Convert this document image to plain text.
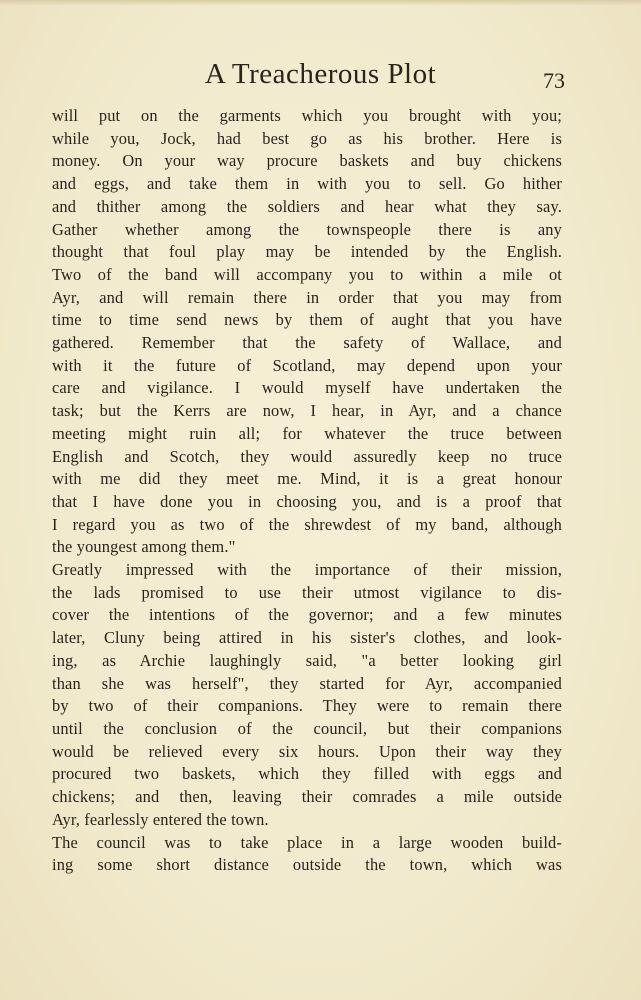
A Treacherous Plot	73
will put on the garments which you brought with you;
while you, Jock, had best go as his brother. Here is
money. On your way procure baskets and buy chickens
and eggs, and take them in with you to sell. Go hither
and thither among the soldiers and hear what they say.
Gather whether among the townspeople there is any
thought that foul play may be intended by the English.
Two of the band will accompany you to within a mile ot
Ayr, and will remain there in order that you may from
time to time send news by them of aught that you have
gathered. Remember that the safety of Wallace, and
with it the future of Scotland, may depend upon your
care and vigilance. I would myself have undertaken the
task; but the Kerrs are now, I hear, in Ayr, and a chance
meeting might ruin all; for whatever the truce between
English and Scotch, they would assuredly keep no truce
with me did they meet me. Mind, it is a great honour
that I have done you in choosing you, and is a proof that
I regard you as two of the shrewdest of my band, although
the youngest among them."
Greatly impressed with the importance of their mission,
the lads promised to use their utmost vigilance to dis-
cover the intentions of the governor; and a few minutes
later, Cluny being attired in his sister's clothes, and look-
ing, as Archie laughingly said, "a better looking girl
than she was herself", they started for Ayr, accompanied
by two of their companions. They were to remain there
until the conclusion of the council, but their companions
would be relieved every six hours. Upon their way they
procured two baskets, which they filled with eggs and
chickens; and then, leaving their comrades a mile outside
Ayr, fearlessly entered the town.
The council was to take place in a large wooden build-
ing some short distance outside the town, which was
